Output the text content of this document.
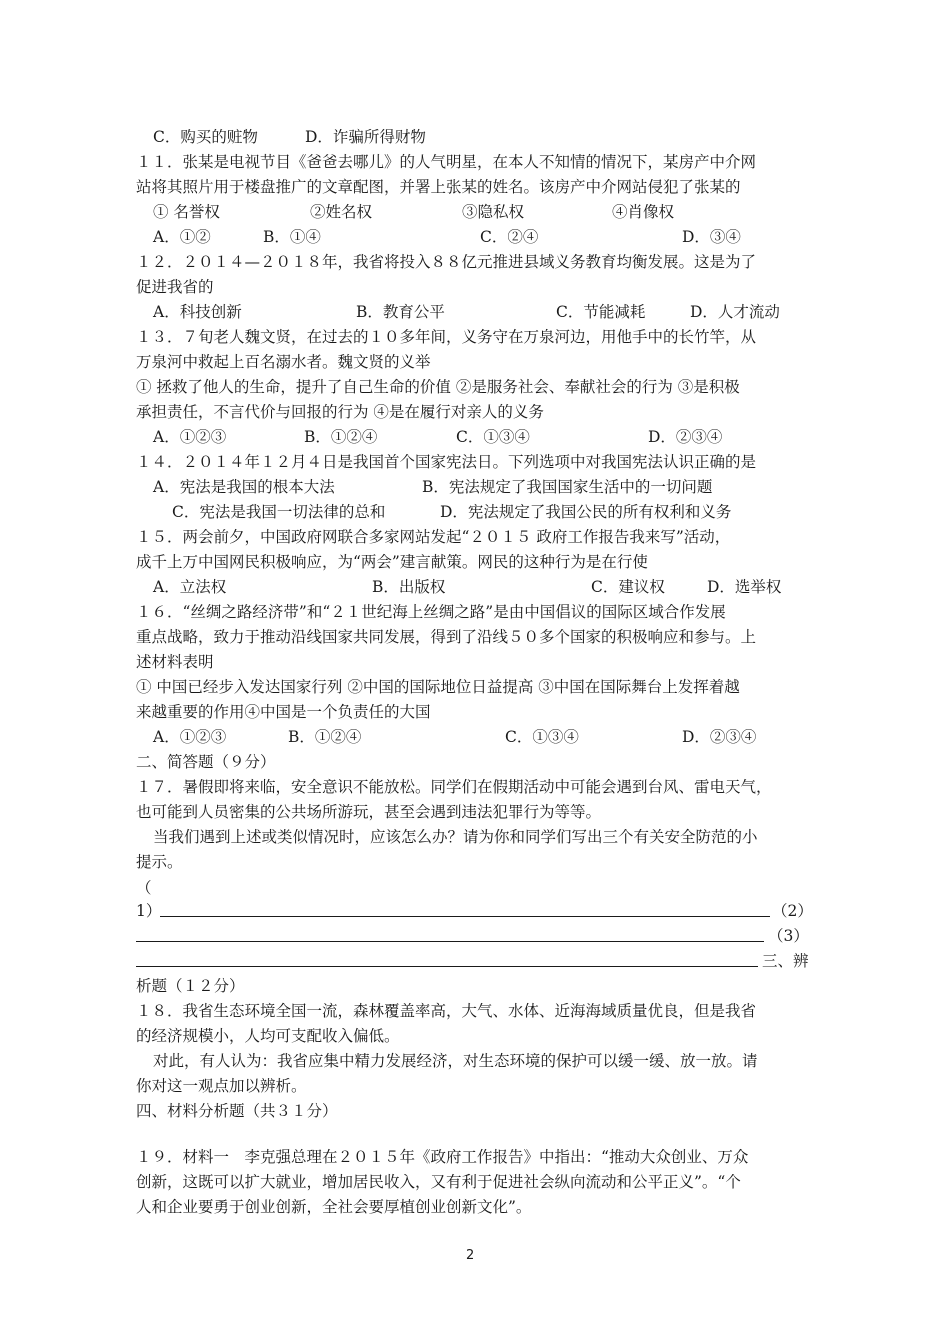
C．购买的赃物	D．诈骗所得财物
１１．张某是电视节目《爸爸去哪儿》的人气明星，在本人不知情的情况下，某房产中介网
站将其照片用于楼盘推广的文章配图，并署上张某的姓名。该房产中介网站侵犯了张某的
① 名誉权	②姓名权	③隐私权	④肖像权
A．①②	B．①④	C．②④	D．③④
１２．２０１４—２０１８年，我省将投入８８亿元推进县域义务教育均衡发展。这是为了
促进我省的
A．科技创新	B．教育公平	C．节能减耗	D．人才流动
１３．７旬老人魏文贤，在过去的１０多年间，义务守在万泉河边，用他手中的长竹竿，从
万泉河中救起上百名溺水者。魏文贤的义举
① 拯救了他人的生命，提升了自己生命的价值 ②是服务社会、奉献社会的行为 ③是积极
承担责任，不言代价与回报的行为 ④是在履行对亲人的义务
A．①②③	B．①②④	C．①③④	D．②③④
１４．２０１４年１２月４日是我国首个国家宪法日。下列选项中对我国宪法认识正确的是
A．宪法是我国的根本大法	B．宪法规定了我国国家生活中的一切问题
C．宪法是我国一切法律的总和	D．宪法规定了我国公民的所有权利和义务
１５．两会前夕，中国政府网联合多家网站发起“２０１５ 政府工作报告我来写”活动，
成千上万中国网民积极响应，为“两会”建言献策。网民的这种行为是在行使
A．立法权	B．出版权	C．建议权	D．选举权
１６．“丝绸之路经济带”和“２１世纪海上丝绸之路”是由中国倡议的国际区域合作发展
重点战略，致力于推动沿线国家共同发展，得到了沿线５０多个国家的积极响应和参与。上
述材料表明
① 中国已经步入发达国家行列 ②中国的国际地位日益提高 ③中国在国际舞台上发挥着越
来越重要的作用④中国是一个负责任的大国
A．①②③	B．①②④	C．①③④	D．②③④
二、简答题（９分）
１７．暑假即将来临，安全意识不能放松。同学们在假期活动中可能会遇到台风、雷电天气，
也可能到人员密集的公共场所游玩，甚至会遇到违法犯罪行为等等。
当我们遇到上述或类似情况时，应该怎么办？请为你和同学们写出三个有关安全防范的小
提示。
（
1）	（2）
（3）
三、辨
析题（１２分）
１８．我省生态环境全国一流，森林覆盖率高，大气、水体、近海海域质量优良，但是我省
的经济规模小，人均可支配收入偏低。
对此，有人认为：我省应集中精力发展经济，对生态环境的保护可以缓一缓、放一放。请
你对这一观点加以辨析。
四、材料分析题（共３１分）
１９．材料一　李克强总理在２０１５年《政府工作报告》中指出：“推动大众创业、万众
创新，这既可以扩大就业，增加居民收入，又有利于促进社会纵向流动和公平正义”。“个
人和企业要勇于创业创新，全社会要厚植创业创新文化”。
2
